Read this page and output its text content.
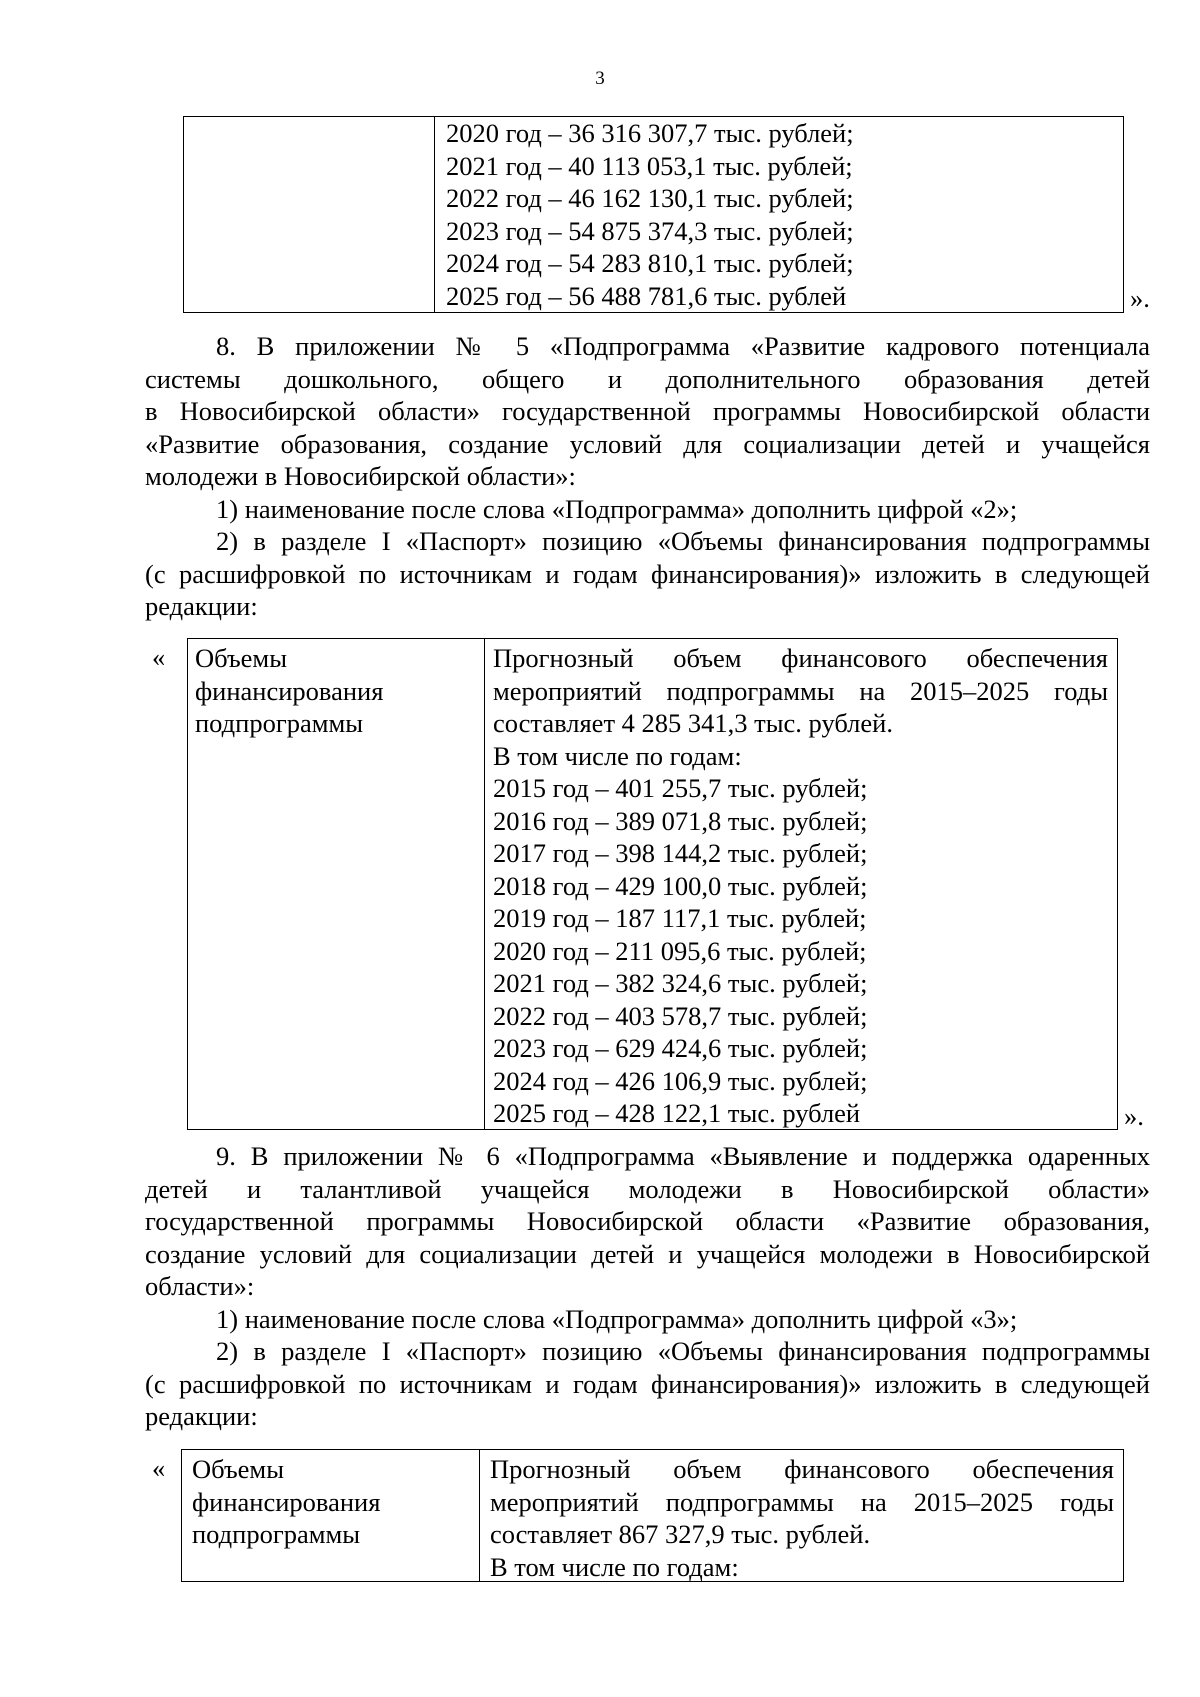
3
2020 год – 36 316 307,7 тыс. рублей;
2021 год – 40 113 053,1 тыс. рублей;
2022 год – 46 162 130,1 тыс. рублей;
2023 год – 54 875 374,3 тыс. рублей;
2024 год – 54 283 810,1 тыс. рублей;
2025 год – 56 488 781,6 тыс. рублей	».
8. В приложении № 5 «Подпрограмма «Развитие кадрового потенциала
системы дошкольного, общего и дополнительного образования детей
в Новосибирской области» государственной программы Новосибирской области
«Развитие образования, создание условий для социализации детей и учащейся
молодежи в Новосибирской области»:
1) наименование после слова «Подпрограмма» дополнить цифрой «2»;
2) в разделе I «Паспорт» позицию «Объемы финансирования подпрограммы
(с расшифровкой по источникам и годам финансирования)» изложить в следующей
редакции:
« Объемы
финансирования
подпрограммы
Прогнозный объем финансового обеспечения
мероприятий подпрограммы на 2015–2025 годы
составляет 4 285 341,3 тыс. рублей.
В том числе по годам:
2015 год – 401 255,7 тыс. рублей;
2016 год – 389 071,8 тыс. рублей;
2017 год – 398 144,2 тыс. рублей;
2018 год – 429 100,0 тыс. рублей;
2019 год – 187 117,1 тыс. рублей;
2020 год – 211 095,6 тыс. рублей;
2021 год – 382 324,6 тыс. рублей;
2022 год – 403 578,7 тыс. рублей;
2023 год – 629 424,6 тыс. рублей;
2024 год – 426 106,9 тыс. рублей;
2025 год – 428 122,1 тыс. рублей	».
9. В приложении № 6 «Подпрограмма «Выявление и поддержка одаренных
детей и талантливой учащейся молодежи в Новосибирской области»
государственной программы Новосибирской области «Развитие образования,
создание условий для социализации детей и учащейся молодежи в Новосибирской
области»:
1) наименование после слова «Подпрограмма» дополнить цифрой «3»;
2) в разделе I «Паспорт» позицию «Объемы финансирования подпрограммы
(с расшифровкой по источникам и годам финансирования)» изложить в следующей
редакции:
« Объемы
финансирования
подпрограммы
Прогнозный объем финансового обеспечения
мероприятий подпрограммы на 2015–2025 годы
составляет 867 327,9 тыс. рублей.
В том числе по годам:
